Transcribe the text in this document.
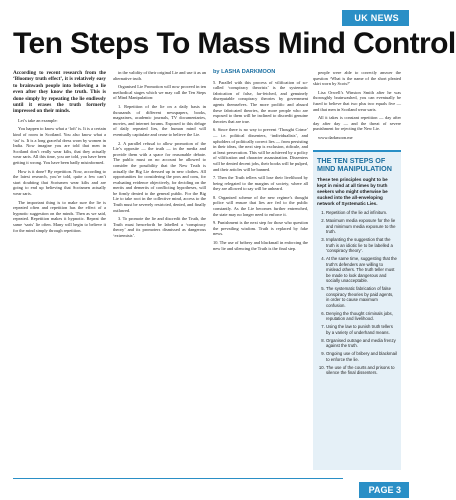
UK NEWS
Ten Steps To Mass Mind Control

According to recent research from the ‘Bloomsy truth effect’, it is relatively easy to brainwash people into believing a lie even after they know the truth. This is done simply by repeating the lie endlessly until it erases the truth formerly impressed on their minds.

Let’s take an example:

You happen to know what a ‘loft’ is. It is a certain kind of room in Scotland. You also know what a ‘tat’ is. It is a long graceful dress worn by women in India. Now imagine you are told that men in Scotland don’t really wear kilts, that they actually wear saris. All this time, you are told, you have been getting it wrong. You have been badly misinformed.

How is it done? By repetition. Now, according to the latest research, you’re told, quite a few can’t start doubting that Scotsmen wear kilts and are going to end up believing that Scotsmen actually wear saris.

The important thing is to make sure the lie is repeated often and repetition has the effect of a hypnotic suggestion on the minds. Then as we said, repeated. Repetition makes it hypnotic. Repeat the same ‘saris’ lie often. Many will begin to believe it for the mind simply through repetition.

in the validity of their original Lie and use it as an alternative truth.

Organised Lie Promotion will now proceed in ten methodical stages which we may call the Ten Steps of Mind Manipulation:

1. Repetition of the lie on a daily basis in thousands of different newspapers, books, magazines, academic journals, TV documentaries, movies, and internet forums. Exposed to this deluge of daily repeated lies, the human mind will eventually capitulate and cease to believe the Lie.

2. A parallel refusal to allow promotion of the Lie’s opposite — the truth — in the media and provide them with a space for reasonable debate. The public must on no account be allowed to consider the possibility that the New Truth is actually the Big Lie dressed up in new clothes. All opportunities for considering the pros and cons, for evaluating evidence objectively, for deciding on the merits and demerits of conflicting hypotheses, will be firmly denied to the general public. For the Big Lie to take root in the collective mind, access to the Truth must be severely restricted, denied, and finally outlawed.

3. To promote the lie and discredit the Truth, the Truth must henceforth be labelled a ‘conspiracy theory’ and its promoters dismissed as dangerous ‘extremists’.

by LASHA DARKMOON

5. Parallel with this process of vilification of so-called ‘conspiracy theorists’ is the systematic fabrication of false, far-fetched, and genuinely disreputable conspiracy theories by government agents themselves. The more prolific and absurd these fabricated theories, the more people who are exposed to them will be inclined to discredit genuine theories that are true.

6. Since there is no way to prevent ‘Thought Crime’ — i.e. political dissenters, ‘individualists’, and upholders of politically correct lies — from persisting in their ideas, the next step is exclusion, ridicule, and at least persecution. This will be achieved by a policy of vilification and character assassination. Dissenters will be denied decent jobs, their books will be pulped, and their articles will be banned.

7. Then the Truth tellers will lose their livelihood by being relegated to the margins of society, where all they are allowed to say will be unheard.

8. Organised scheme of the new regime’s thought police will ensure that lies are fed to the public constantly. As the Lie becomes further entrenched, the state may no longer need to enforce it.

9. Punishment is the next step for those who question the prevailing wisdom. Truth is replaced by fake news.

10. The use of bribery and blackmail in enforcing the new lie and silencing the Truth is the final step.

people were able to correctly answer the question ‘What is the name of the short pleated skirt worn by Scots?’

Lisa Orwell’s Winston Smith after he was thoroughly brainwashed, you can eventually be fused to believe that two plus two equals five — and that men in Scotland wear saris.

All it takes is constant repetition — day after day after day — and the threat of severe punishment for rejecting the New Lie.

www.darkmoon.me

THE TEN STEPS OF MIND MANIPULATION
These ten principles ought to be kept in mind at all times by truth seekers who might otherwise be sucked into the all-enveloping network of Systematic Lies.
1. Repetition of the lie ad infinitum.
2. Maximum media exposure for the lie and minimum media exposure to the truth.
3. Implanting the suggestion that the truth is an idiotic lie to be labelled a ‘conspiracy theory’.
4. At the same time, suggesting that the truth’s defenders are willing to mislead others. The truth teller must be made to look dangerous and socially unacceptable.
5. The systematic fabrication of false conspiracy theories by paid agents, in order to cause maximum confusion.
6. Denying the thought criminals jobs, reputation and livelihood.
7. Using the law to punish truth tellers by a variety of underhand means.
8. Organised outrage and media frenzy against the truth.
9. Ongoing use of bribery and blackmail to enforce the lie.
10. The use of the courts and prisons to silence the final dissenters.
PAGE 3
